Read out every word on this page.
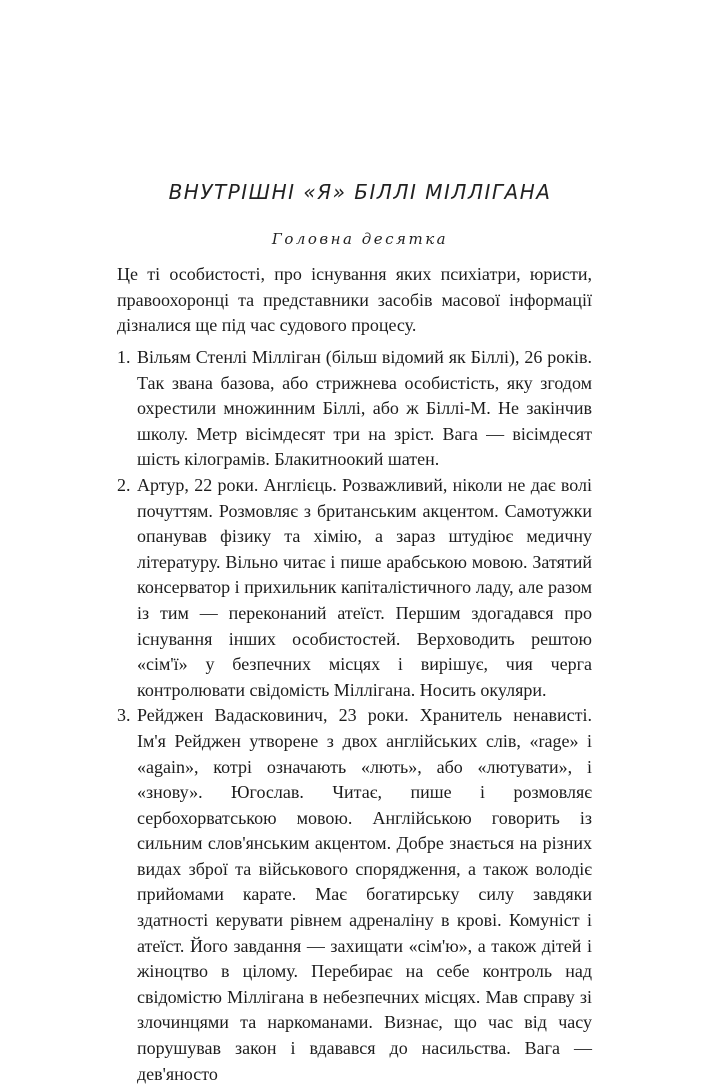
ВНУТРІШНІ «Я» БІЛЛІ МІЛЛІГАНА
Головна десятка

Це ті особистості, про існування яких психіатри, юристи, правоохоронці та представники засобів масової інформації дізналися ще під час судового процесу.

1. Вільям Стенлі Мілліган (більш відомий як Біллі), 26 років. Так звана базова, або стрижнева особистість, яку згодом охрестили множинним Біллі, або ж Біллі-М. Не закінчив школу. Метр вісімдесят три на зріст. Вага — вісімдесят шість кілограмів. Блакитноокий шатен.
2. Артур, 22 роки. Англієць. Розважливий, ніколи не дає волі почуттям. Розмовляє з британським акцентом. Самотужки опанував фізику та хімію, а зараз штудіює медичну літературу. Вільно читає і пише арабською мовою. Затятий консерватор і прихильник капіталістичного ладу, але разом із тим — переконаний атеїст. Першим здогадався про існування інших особистостей. Верховодить рештою «сім'ї» у безпечних місцях і вирішує, чия черга контролювати свідомість Міллігана. Носить окуляри.
3. Рейджен Вадасковинич, 23 роки. Хранитель ненависті. Ім'я Рейджен утворене з двох англійських слів, «rage» і «again», котрі означають «лють», або «лютувати», і «знову». Югослав. Читає, пише і розмовляє сербохорватською мовою. Англійською говорить із сильним слов'янським акцентом. Добре знається на різних видах зброї та військового спорядження, а також володіє прийомами карате. Має богатирську силу завдяки здатності керувати рівнем адреналіну в крові. Комуніст і атеїст. Його завдання — захищати «сім'ю», а також дітей і жіноцтво в цілому. Перебирає на себе контроль над свідомістю Міллігана в небезпечних місцях. Мав справу зі злочинцями та наркоманами. Визнає, що час від часу порушував закон і вдавався до насильства. Вага — дев'яносто
